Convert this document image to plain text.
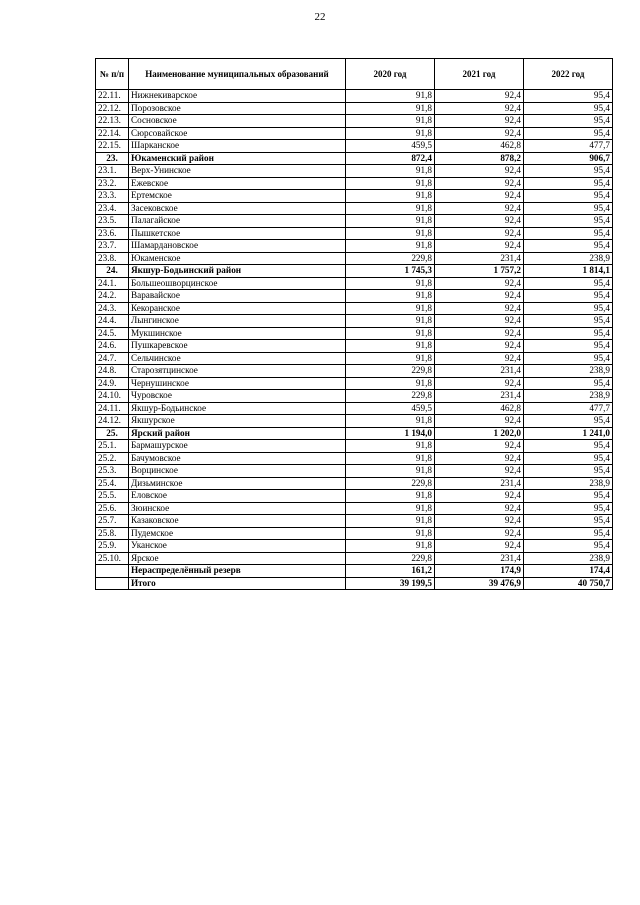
22
№ п/п	Наименование муниципальных образований	2020 год	2021 год	2022 год
22.11.	Нижнекиварское	91,8	92,4	95,4
22.12.	Порозовское	91,8	92,4	95,4
22.13.	Сосновское	91,8	92,4	95,4
22.14.	Сюрсовайское	91,8	92,4	95,4
22.15.	Шарканское	459,5	462,8	477,7
23.	Юкаменский район	872,4	878,2	906,7
23.1.	Верх-Унинское	91,8	92,4	95,4
23.2.	Ежевское	91,8	92,4	95,4
23.3.	Ертемское	91,8	92,4	95,4
23.4.	Засековское	91,8	92,4	95,4
23.5.	Палагайское	91,8	92,4	95,4
23.6.	Пышкетское	91,8	92,4	95,4
23.7.	Шамардановское	91,8	92,4	95,4
23.8.	Юкаменское	229,8	231,4	238,9
24.	Якшур-Бодьинский район	1 745,3	1 757,2	1 814,1
24.1.	Большеошворцинское	91,8	92,4	95,4
24.2.	Варавайское	91,8	92,4	95,4
24.3.	Кекоранское	91,8	92,4	95,4
24.4.	Лынгинское	91,8	92,4	95,4
24.5.	Мукшинское	91,8	92,4	95,4
24.6.	Пушкаревское	91,8	92,4	95,4
24.7.	Сельчинское	91,8	92,4	95,4
24.8.	Старозятцинское	229,8	231,4	238,9
24.9.	Чернушинское	91,8	92,4	95,4
24.10.	Чуровское	229,8	231,4	238,9
24.11.	Якшур-Бодьинское	459,5	462,8	477,7
24.12.	Якшурское	91,8	92,4	95,4
25.	Ярский район	1 194,0	1 202,0	1 241,0
25.1.	Бармашурское	91,8	92,4	95,4
25.2.	Бачумовское	91,8	92,4	95,4
25.3.	Ворцинское	91,8	92,4	95,4
25.4.	Дизьминское	229,8	231,4	238,9
25.5.	Еловское	91,8	92,4	95,4
25.6.	Зюинское	91,8	92,4	95,4
25.7.	Казаковское	91,8	92,4	95,4
25.8.	Пудемское	91,8	92,4	95,4
25.9.	Уканское	91,8	92,4	95,4
25.10.	Ярское	229,8	231,4	238,9
	Нераспределённый резерв	161,2	174,9	174,4
	Итого	39 199,5	39 476,9	40 750,7
